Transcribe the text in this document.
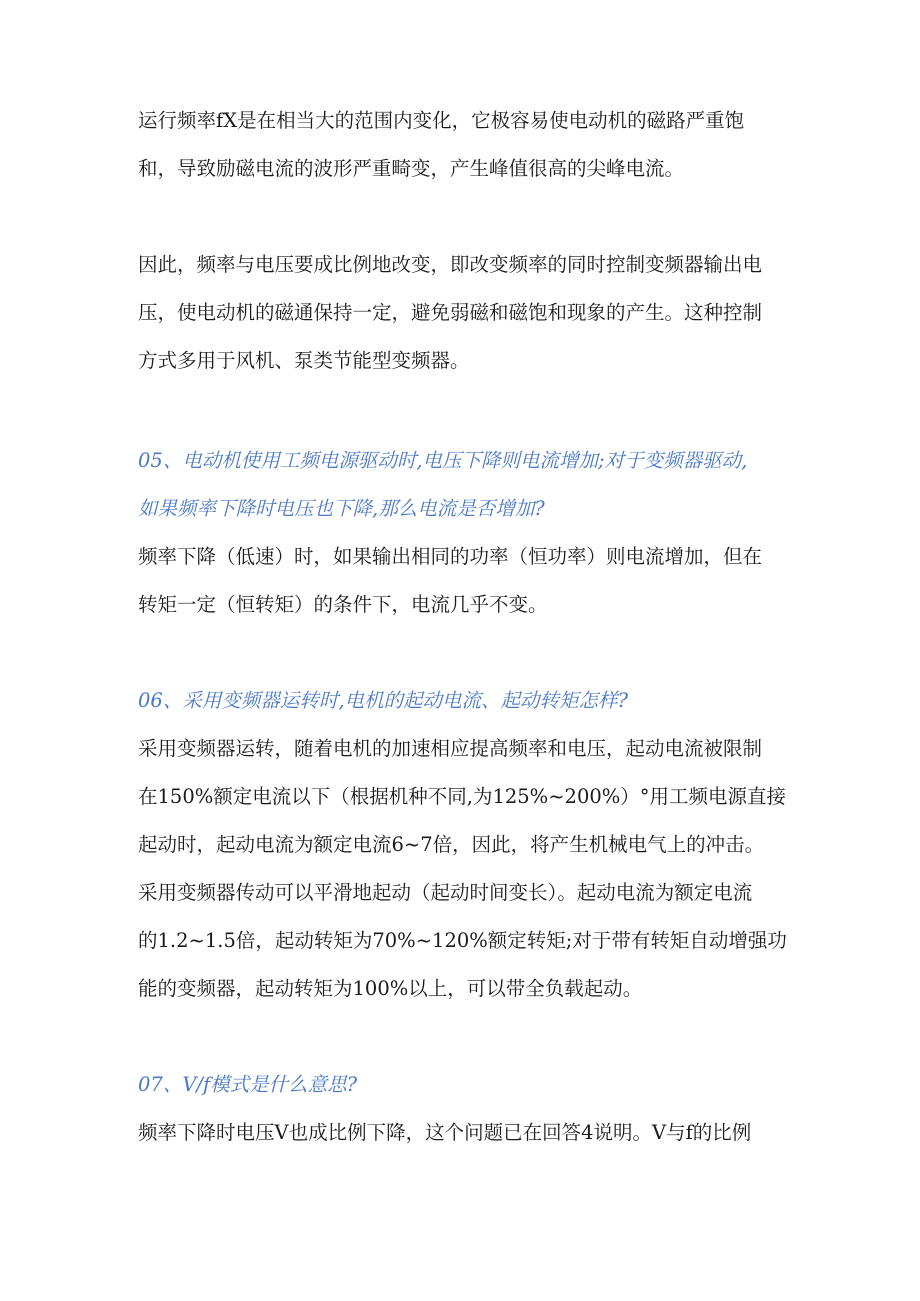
运行频率fX是在相当大的范围内变化，它极容易使电动机的磁路严重饱
和，导致励磁电流的波形严重畸变，产生峰值很高的尖峰电流。
因此，频率与电压要成比例地改变，即改变频率的同时控制变频器输出电
压，使电动机的磁通保持一定，避免弱磁和磁饱和现象的产生。这种控制
方式多用于风机、泵类节能型变频器。
05、电动机使用工频电源驱动时,电压下降则电流增加;对于变频器驱动,
如果频率下降时电压也下降,那么电流是否增加?
频率下降（低速）时，如果输出相同的功率（恒功率）则电流增加，但在
转矩一定（恒转矩）的条件下，电流几乎不变。
06、采用变频器运转时,电机的起动电流、起动转矩怎样?
采用变频器运转，随着电机的加速相应提高频率和电压，起动电流被限制
在150%额定电流以下（根据机种不同,为125%~200%）°用工频电源直接
起动时，起动电流为额定电流6~7倍，因此，将产生机械电气上的冲击。
采用变频器传动可以平滑地起动（起动时间变长）。起动电流为额定电流
的1.2~1.5倍，起动转矩为70%~120%额定转矩;对于带有转矩自动增强功
能的变频器，起动转矩为100%以上，可以带全负载起动。
07、V/f模式是什么意思?
频率下降时电压V也成比例下降，这个问题已在回答4说明。V与f的比例
